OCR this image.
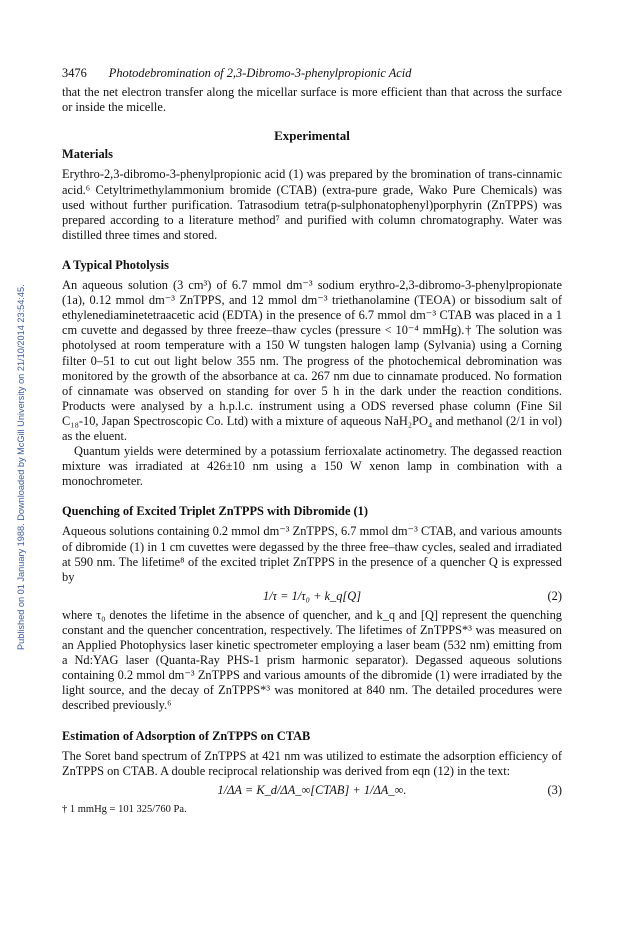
Published on 01 January 1988. Downloaded by McGill University on 21/10/2014 23:54:45.
3476 Photodebromination of 2,3-Dibromo-3-phenylpropionic Acid

that the net electron transfer along the micellar surface is more efficient than that across the surface or inside the micelle.

Experimental
Materials

Erythro-2,3-dibromo-3-phenylpropionic acid (1) was prepared by the bromination of trans-cinnamic acid.⁶ Cetyltrimethylammonium bromide (CTAB) (extra-pure grade, Wako Pure Chemicals) was used without further purification. Tatrasodium tetra(p-sulphonatophenyl)porphyrin (ZnTPPS) was prepared according to a literature method⁷ and purified with column chromatography. Water was distilled three times and stored.

A Typical Photolysis

An aqueous solution (3 cm³) of 6.7 mmol dm⁻³ sodium erythro-2,3-dibromo-3-phenylpropionate (1a), 0.12 mmol dm⁻³ ZnTPPS, and 12 mmol dm⁻³ triethanolamine (TEOA) or bissodium salt of ethylenediaminetetraacetic acid (EDTA) in the presence of 6.7 mmol dm⁻³ CTAB was placed in a 1 cm cuvette and degassed by three freeze–thaw cycles (pressure < 10⁻⁴ mmHg).† The solution was photolysed at room temperature with a 150 W tungsten halogen lamp (Sylvania) using a Corning filter 0–51 to cut out light below 355 nm. The progress of the photochemical debromination was monitored by the growth of the absorbance at ca. 267 nm due to cinnamate produced. No formation of cinnamate was observed on standing for over 5 h in the dark under the reaction conditions. Products were analysed by a h.p.l.c. instrument using a ODS reversed phase column (Fine Sil C₁₈-10, Japan Spectroscopic Co. Ltd) with a mixture of aqueous NaH₂PO₄ and methanol (2/1 in vol) as the eluent.

Quantum yields were determined by a potassium ferrioxalate actinometry. The degassed reaction mixture was irradiated at 426±10 nm using a 150 W xenon lamp in combination with a monochrometer.

Quenching of Excited Triplet ZnTPPS with Dibromide (1)

Aqueous solutions containing 0.2 mmol dm⁻³ ZnTPPS, 6.7 mmol dm⁻³ CTAB, and various amounts of dibromide (1) in 1 cm cuvettes were degassed by the three free–thaw cycles, sealed and irradiated at 590 nm. The lifetime⁸ of the excited triplet ZnTPPS in the presence of a quencher Q is expressed by

1/τ = 1/τ₀ + k_q[Q]	(2)

where τ₀ denotes the lifetime in the absence of quencher, and k_q and [Q] represent the quenching constant and the quencher concentration, respectively. The lifetimes of ZnTPPS*³ was measured on an Applied Photophysics laser kinetic spectrometer employing a laser beam (532 nm) emitting from a Nd:YAG laser (Quanta-Ray PHS-1 prism harmonic separator). Degassed aqueous solutions containing 0.2 mmol dm⁻³ ZnTPPS and various amounts of the dibromide (1) were irradiated by the light source, and the decay of ZnTPPS*³ was monitored at 840 nm. The detailed procedures were described previously.⁶

Estimation of Adsorption of ZnTPPS on CTAB

The Soret band spectrum of ZnTPPS at 421 nm was utilized to estimate the adsorption efficiency of ZnTPPS on CTAB. A double reciprocal relationship was derived from eqn (12) in the text:

1/ΔA = K_d/ΔA_∞[CTAB] + 1/ΔA_∞.	(3)
† 1 mmHg = 101 325/760 Pa.
